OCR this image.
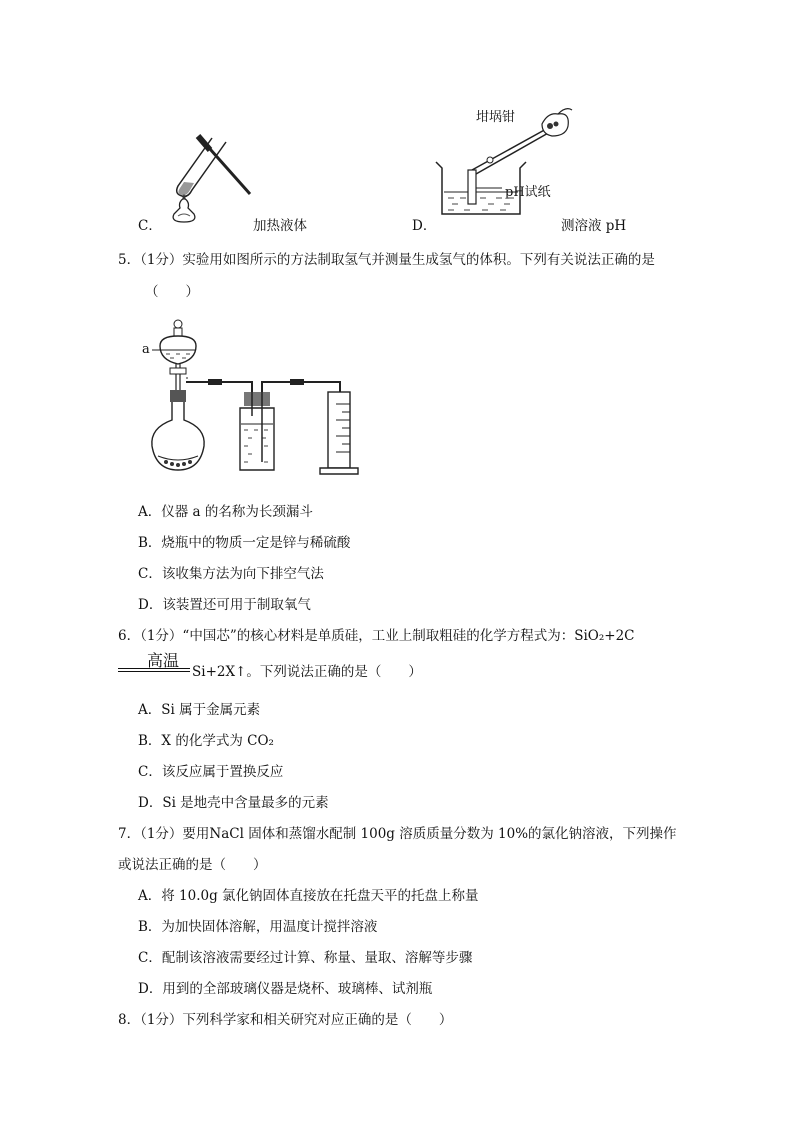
C．	加热液体
坩埚钳
pH试纸
D．	测溶液 pH
5．（1分）实验用如图所示的方法制取氢气并测量生成氢气的体积。下列有关说法正确的是
（　　）
a
A．仪器 a 的名称为长颈漏斗
B．烧瓶中的物质一定是锌与稀硫酸
C．该收集方法为向下排空气法
D．该装置还可用于制取氧气
6．（1分）“中国芯”的核心材料是单质硅，工业上制取粗硅的化学方程式为：SiO₂+2C
高温
Si+2X↑。下列说法正确的是（　　）
A．Si 属于金属元素
B．X 的化学式为 CO₂
C．该反应属于置换反应
D．Si 是地壳中含量最多的元素
7．（1分）要用NaCl 固体和蒸馏水配制 100g 溶质质量分数为 10%的氯化钠溶液，下列操作
或说法正确的是（　　）
A．将 10.0g 氯化钠固体直接放在托盘天平的托盘上称量
B．为加快固体溶解，用温度计搅拌溶液
C．配制该溶液需要经过计算、称量、量取、溶解等步骤
D．用到的全部玻璃仪器是烧杯、玻璃棒、试剂瓶
8．（1分）下列科学家和相关研究对应正确的是（　　）
